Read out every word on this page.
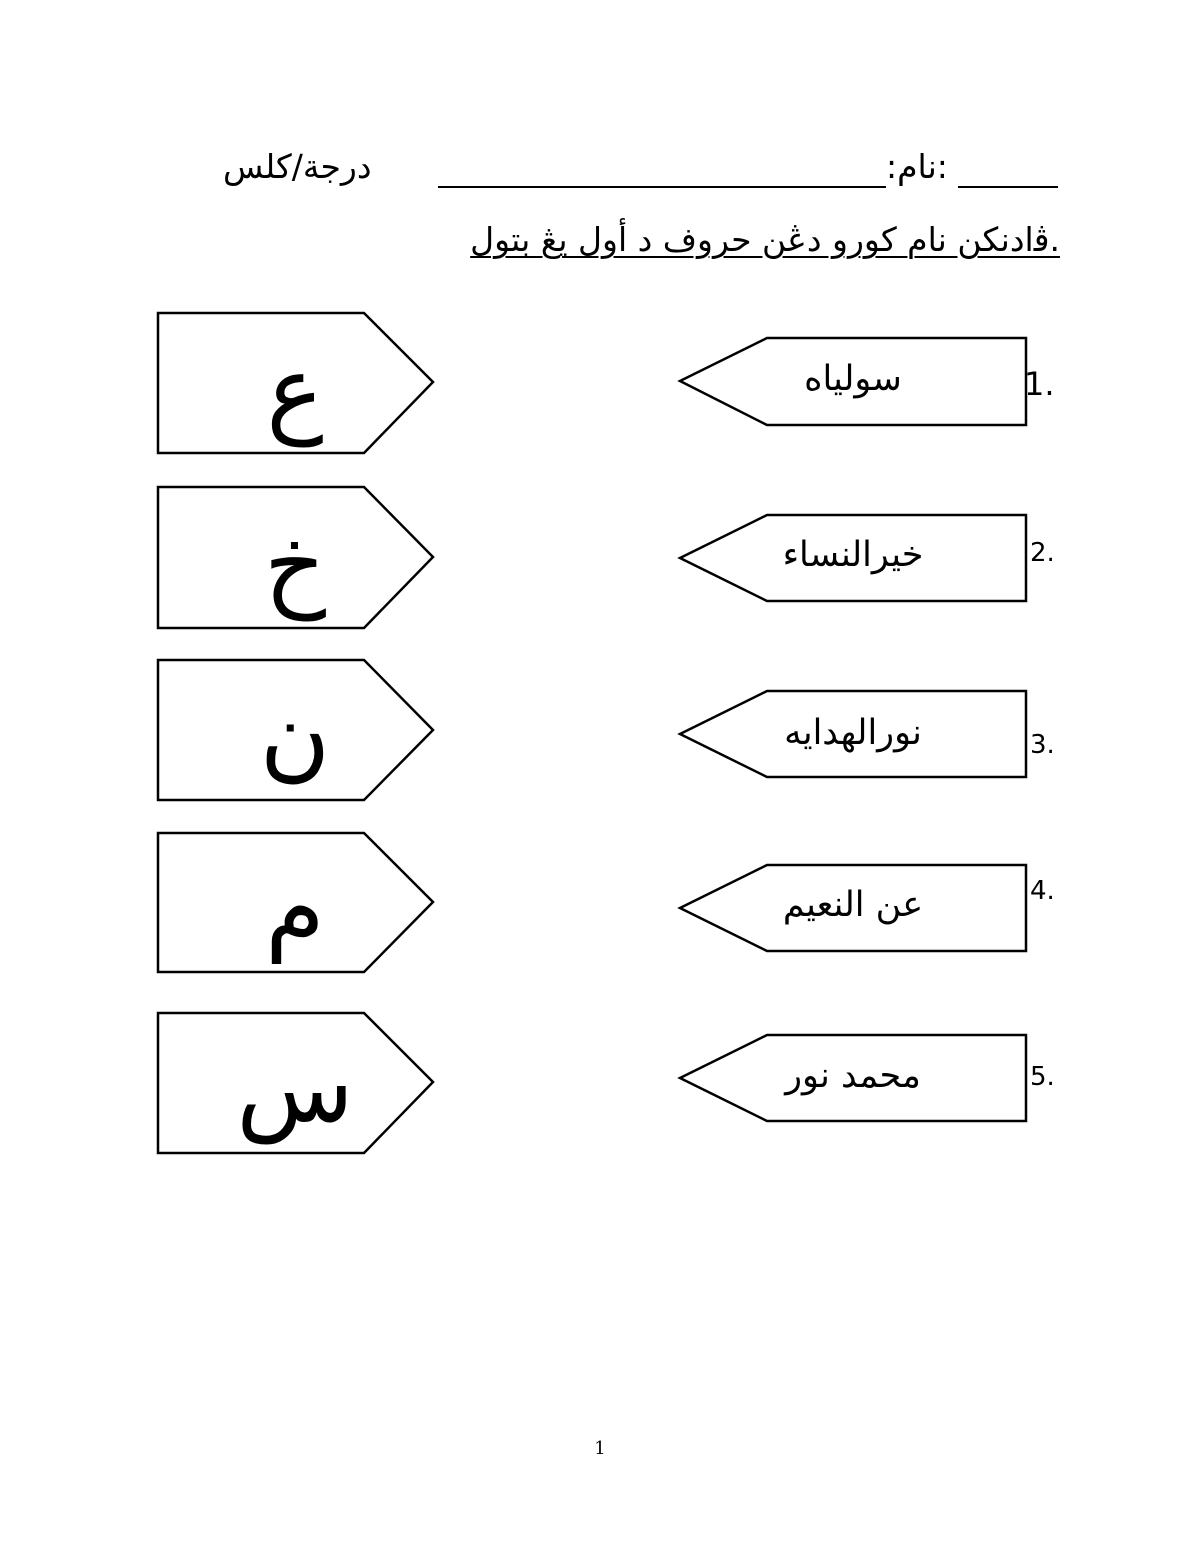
درجة/كلس	:نام:
ﭬادنكن نام كورو دڠن حروف د أول يڠ بتول.
ع
خ
ن
م
س
سولياه
خيرالنساء
نورالهدايه
عن النعيم
محمد نور
1.
2.
3.
4.
5.
1
